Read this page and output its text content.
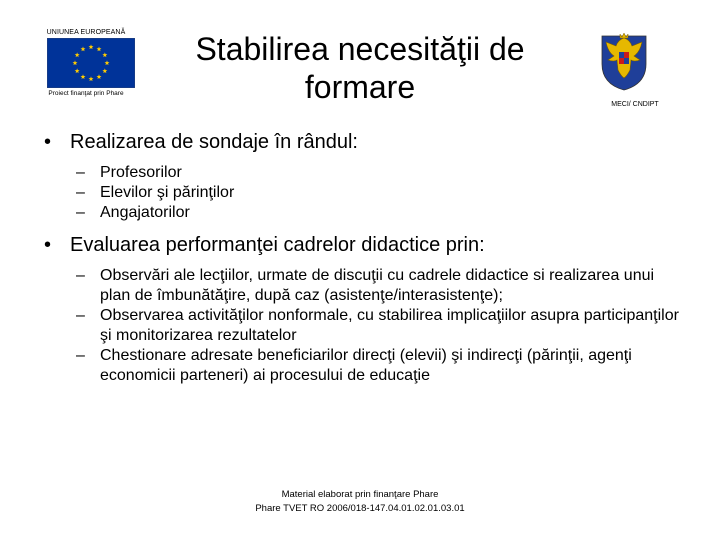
UNIUNEA EUROPEANĂ
Proiect finanţat prin Phare
Stabilirea necesităţii de
formare	MECI/ CNDIPT
• Realizarea de sondaje în rândul:
– Profesorilor
– Elevilor şi părinţilor
– Angajatorilor
• Evaluarea performanţei cadrelor didactice prin:
– Observări ale lecţiilor, urmate de discuţii cu cadrele didactice si realizarea unui plan de îmbunătăţire, după caz (asistenţe/interasistenţe);
– Observarea activităţilor nonformale, cu stabilirea implicaţiilor asupra participanţilor şi monitorizarea rezultatelor
– Chestionare adresate beneficiarilor direcţi (elevii) şi indirecţi (părinţii, agenţi economicii parteneri) ai procesului de educaţie
Material elaborat prin finanţare Phare
Phare TVET RO 2006/018-147.04.01.02.01.03.01
